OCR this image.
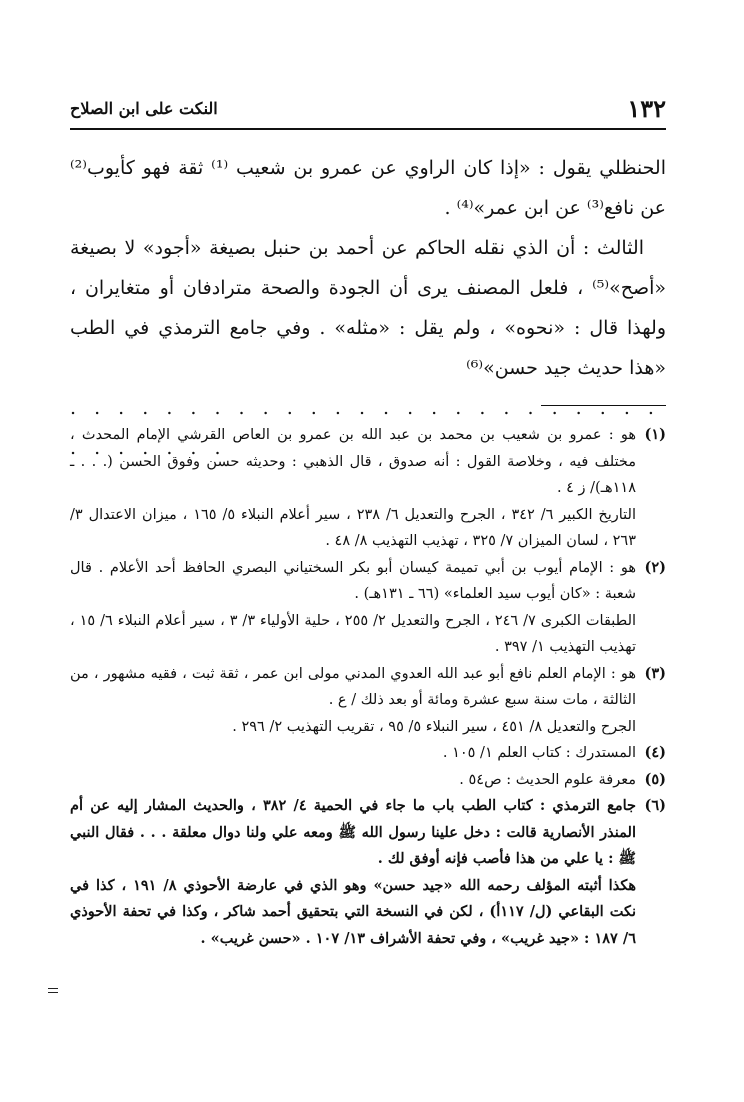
١٣٢
النكت على ابن الصلاح

الحنظلي يقول : «إذا كان الراوي عن عمرو بن شعيب ⁽¹⁾ ثقة فهو كأيوب⁽²⁾ عن نافع⁽³⁾ عن ابن عمر»⁽⁴⁾ .

الثالث : أن الذي نقله الحاكم عن أحمد بن حنبل بصيغة «أجود» لا بصيغة «أصح»⁽⁵⁾ ، فلعل المصنف يرى أن الجودة والصحة مترادفان أو متغايران ، ولهذا قال : «نحوه» ، ولم يقل : «مثله» . وفي جامع الترمذي في الطب «هذا حديث جيد حسن»⁽⁶⁾

. . . . . . . . . . . . . . . . . . . . . . . . . . . . . . . .
(١)

هو : عمرو بن شعيب بن محمد بن عبد الله بن عمرو بن العاص القرشي الإمام المحدث ، مختلف فيه ، وخلاصة القول : أنه صدوق ، قال الذهبي : وحديثه حسن وفوق الحسن (. . . ـ ١١٨هـ)/ ز ٤ .

التاريخ الكبير ٦/ ٣٤٢ ، الجرح والتعديل ٦/ ٢٣٨ ، سير أعلام النبلاء ٥/ ١٦٥ ، ميزان الاعتدال ٣/ ٢٦٣ ، لسان الميزان ٧/ ٣٢٥ ، تهذيب التهذيب ٨/ ٤٨ .

(٢)

هو : الإمام أيوب بن أبي تميمة كيسان أبو بكر السختياني البصري الحافظ أحد الأعلام . قال شعبة : «كان أيوب سيد العلماء» (٦٦ ـ ١٣١هـ) .

الطبقات الكبرى ٧/ ٢٤٦ ، الجرح والتعديل ٢/ ٢٥٥ ، حلية الأولياء ٣/ ٣ ، سير أعلام النبلاء ٦/ ١٥ ، تهذيب التهذيب ١/ ٣٩٧ .

(٣)

هو : الإمام العلم نافع أبو عبد الله العدوي المدني مولى ابن عمر ، ثقة ثبت ، فقيه مشهور ، من الثالثة ، مات سنة سبع عشرة ومائة أو بعد ذلك / ع .

الجرح والتعديل ٨/ ٤٥١ ، سير النبلاء ٥/ ٩٥ ، تقريب التهذيب ٢/ ٢٩٦ .

(٤)

المستدرك : كتاب العلم ١/ ١٠٥ .

(٥)

معرفة علوم الحديث : ص٥٤ .

(٦)

جامع الترمذي : كتاب الطب باب ما جاء في الحمية ٤/ ٣٨٢ ، والحديث المشار إليه عن أم المنذر الأنصارية قالت : دخل علينا رسول الله ﷺ ومعه علي ولنا دوال معلقة . . . فقال النبي ﷺ : يا علي من هذا فأصب فإنه أوفق لك .

هكذا أثبته المؤلف رحمه الله «جيد حسن» وهو الذي في عارضة الأحوذي ٨/ ١٩١ ، كذا في نكت البقاعي (ل/ ١١٧أ) ، لكن في النسخة التي بتحقيق أحمد شاكر ، وكذا في تحفة الأحوذي ٦/ ١٨٧ : «جيد غريب» ، وفي تحفة الأشراف ١٣/ ١٠٧ . «حسن غريب» .
